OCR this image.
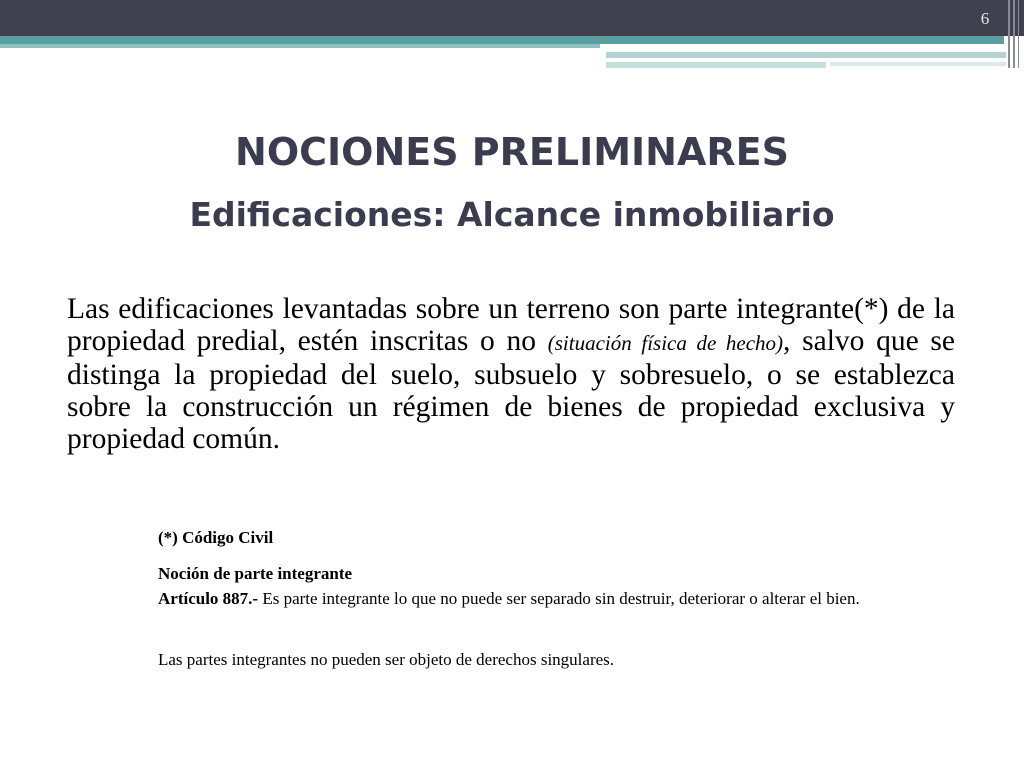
6
NOCIONES PRELIMINARES
Edificaciones: Alcance inmobiliario
Las edificaciones levantadas sobre un terreno son parte integrante(*) de la propiedad predial, estén inscritas o no (situación física de hecho), salvo que se distinga la propiedad del suelo, subsuelo y sobresuelo, o se establezca sobre la construcción un régimen de bienes de propiedad exclusiva y propiedad común.
(*) Código Civil
Noción de parte integrante
Artículo 887.- Es parte integrante lo que no puede ser separado sin destruir, deteriorar o alterar el bien.
Las partes integrantes no pueden ser objeto de derechos singulares.
